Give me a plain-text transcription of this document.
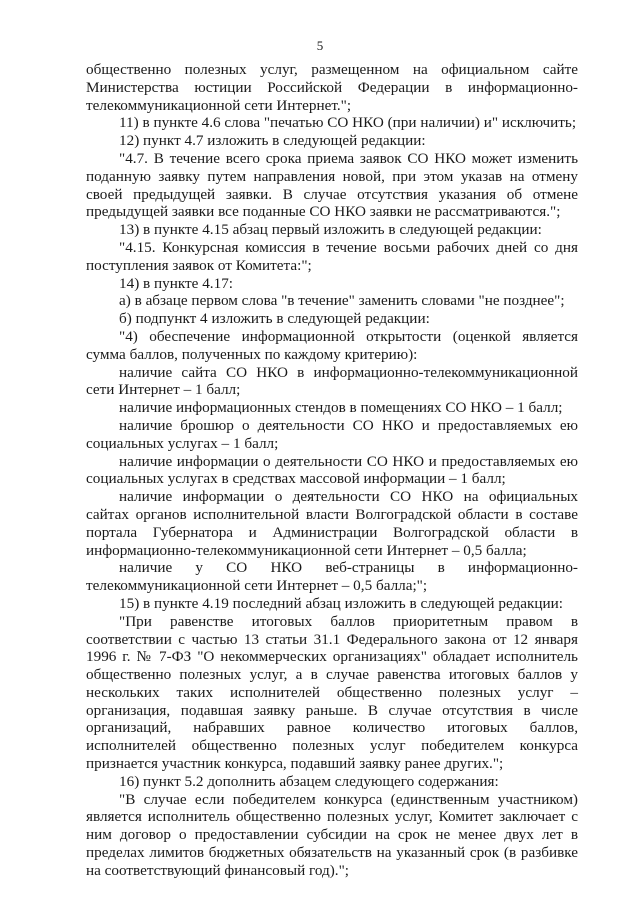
5

общественно полезных услуг, размещенном на официальном сайте Министерства юстиции Российской Федерации в информационно-телекоммуникационной сети Интернет.";

11) в пункте 4.6 слова "печатью СО НКО (при наличии) и" исключить;

12) пункт 4.7 изложить в следующей редакции:

"4.7. В течение всего срока приема заявок СО НКО может изменить поданную заявку путем направления новой, при этом указав на отмену своей предыдущей заявки. В случае отсутствия указания об отмене предыдущей заявки все поданные СО НКО заявки не рассматриваются.";

13) в пункте 4.15 абзац первый изложить в следующей редакции:

"4.15. Конкурсная комиссия в течение восьми рабочих дней со дня поступления заявок от Комитета:";

14) в пункте 4.17:

а) в абзаце первом слова "в течение" заменить словами "не позднее";

б) подпункт 4 изложить в следующей редакции:

"4) обеспечение информационной открытости (оценкой является сумма баллов, полученных по каждому критерию):

наличие сайта СО НКО в информационно-телекоммуникационной сети Интернет – 1 балл;

наличие информационных стендов в помещениях СО НКО – 1 балл;

наличие брошюр о деятельности СО НКО и предоставляемых ею социальных услугах – 1 балл;

наличие информации о деятельности СО НКО и предоставляемых ею социальных услугах в средствах массовой информации – 1 балл;

наличие информации о деятельности СО НКО на официальных сайтах органов исполнительной власти Волгоградской области в составе портала Губернатора и Администрации Волгоградской области в информационно-телекоммуникационной сети Интернет – 0,5 балла;

наличие у СО НКО веб-страницы в информационно-телекоммуникационной сети Интернет – 0,5 балла;";

15) в пункте 4.19 последний абзац изложить в следующей редакции:

"При равенстве итоговых баллов приоритетным правом в соответствии с частью 13 статьи 31.1 Федерального закона от 12 января 1996 г. № 7-ФЗ "О некоммерческих организациях" обладает исполнитель общественно полезных услуг, а в случае равенства итоговых баллов у нескольких таких исполнителей общественно полезных услуг – организация, подавшая заявку раньше. В случае отсутствия в числе организаций, набравших равное количество итоговых баллов, исполнителей общественно полезных услуг победителем конкурса признается участник конкурса, подавший заявку ранее других.";

16) пункт 5.2 дополнить абзацем следующего содержания:

"В случае если победителем конкурса (единственным участником) является исполнитель общественно полезных услуг, Комитет заключает с ним договор о предоставлении субсидии на срок не менее двух лет в пределах лимитов бюджетных обязательств на указанный срок (в разбивке на соответствующий финансовый год).";
